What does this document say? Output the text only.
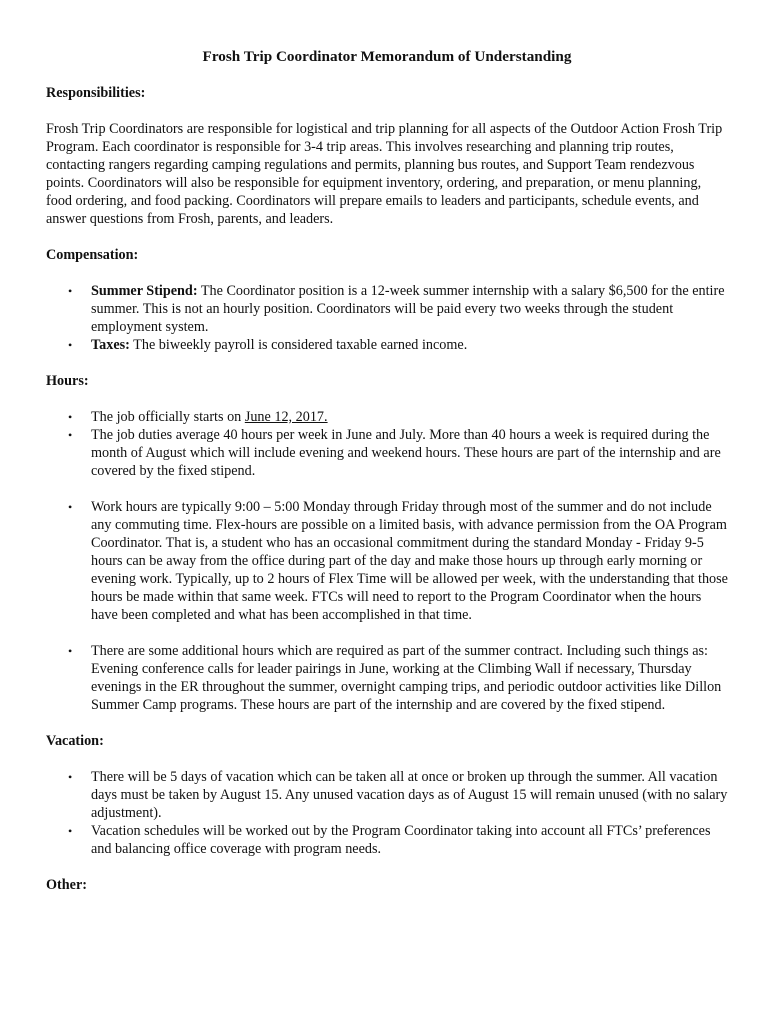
Frosh Trip Coordinator Memorandum of Understanding
Responsibilities:
Frosh Trip Coordinators are responsible for logistical and trip planning for all aspects of the Outdoor Action Frosh Trip Program. Each coordinator is responsible for 3-4 trip areas. This involves researching and planning trip routes, contacting rangers regarding camping regulations and permits, planning bus routes, and Support Team rendezvous points. Coordinators will also be responsible for equipment inventory, ordering, and preparation, or menu planning, food ordering, and food packing. Coordinators will prepare emails to leaders and participants, schedule events, and answer questions from Frosh, parents, and leaders.
Compensation:
• Summer Stipend: The Coordinator position is a 12-week summer internship with a salary $6,500 for the entire summer. This is not an hourly position. Coordinators will be paid every two weeks through the student employment system.
• Taxes: The biweekly payroll is considered taxable earned income.
Hours:
• The job officially starts on June 12, 2017.
• The job duties average 40 hours per week in June and July. More than 40 hours a week is required during the month of August which will include evening and weekend hours. These hours are part of the internship and are covered by the fixed stipend.
• Work hours are typically 9:00 – 5:00 Monday through Friday through most of the summer and do not include any commuting time. Flex-hours are possible on a limited basis, with advance permission from the OA Program Coordinator. That is, a student who has an occasional commitment during the standard Monday - Friday 9-5 hours can be away from the office during part of the day and make those hours up through early morning or evening work. Typically, up to 2 hours of Flex Time will be allowed per week, with the understanding that those hours be made within that same week. FTCs will need to report to the Program Coordinator when the hours have been completed and what has been accomplished in that time.
• There are some additional hours which are required as part of the summer contract. Including such things as: Evening conference calls for leader pairings in June, working at the Climbing Wall if necessary, Thursday evenings in the ER throughout the summer, overnight camping trips, and periodic outdoor activities like Dillon Summer Camp programs. These hours are part of the internship and are covered by the fixed stipend.
Vacation:
• There will be 5 days of vacation which can be taken all at once or broken up through the summer. All vacation days must be taken by August 15. Any unused vacation days as of August 15 will remain unused (with no salary adjustment).
• Vacation schedules will be worked out by the Program Coordinator taking into account all FTCs’ preferences and balancing office coverage with program needs.
Other:
